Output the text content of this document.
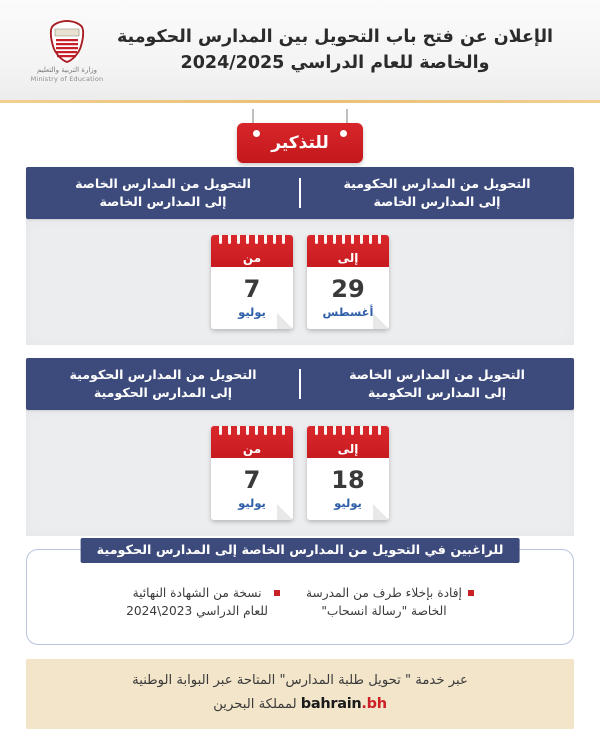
الإعلان عن فتح باب التحويل بين المدارس الحكومية والخاصة للعام الدراسي 2024/2025
وزارة التربية والتعليم
Ministry of Education
للتذكير
التحويل من المدارس الحكومية
إلى المدارس الخاصة
التحويل من المدارس الخاصة
إلى المدارس الخاصة
إلى
29
أغسطس
من
7
يوليو
التحويل من المدارس الخاصة
إلى المدارس الحكومية
التحويل من المدارس الحكومية
إلى المدارس الحكومية
إلى
18
يوليو
من
7
يوليو
للراغبين في التحويل من المدارس الخاصة إلى المدارس الحكومية
إفادة بإخلاء طرف من المدرسة
الخاصة "رسالة انسحاب"
نسخة من الشهادة النهائية
للعام الدراسي 2023\2024
عبر خدمة " تحويل طلبة المدارس" المتاحة عبر البوابة الوطنية
bahrain.bh لمملكة البحرين
